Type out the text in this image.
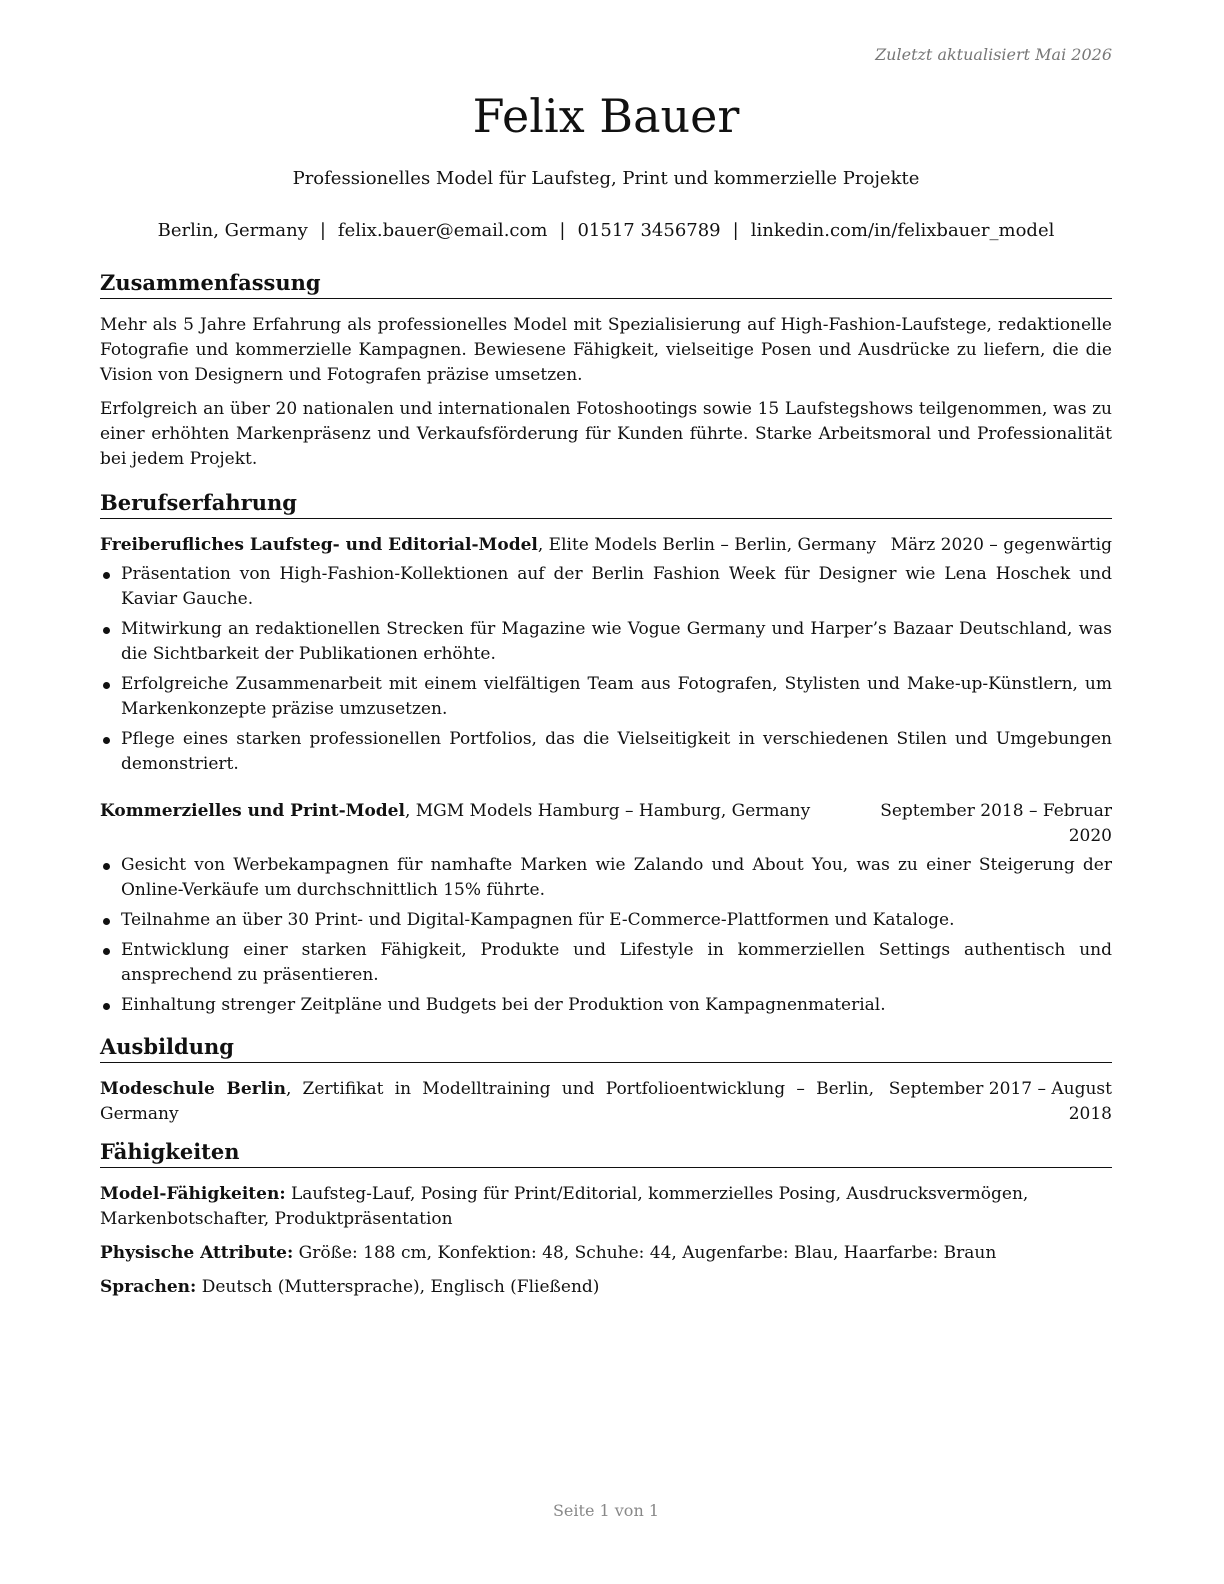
Zuletzt aktualisiert Mai 2026
Felix Bauer
Professionelles Model für Laufsteg, Print und kommerzielle Projekte
Berlin, Germany | felix.bauer@email.com | 01517 3456789 | linkedin.com/in/felixbauer_model
Zusammenfassung

Mehr als 5 Jahre Erfahrung als professionelles Model mit Spezialisierung auf High-Fashion-Laufstege, redaktionelle Fotografie und kommerzielle Kampagnen. Bewiesene Fähigkeit, vielseitige Posen und Ausdrücke zu liefern, die die Vision von Designern und Fotografen präzise umsetzen.

Erfolgreich an über 20 nationalen und internationalen Fotoshootings sowie 15 Laufstegshows teilgenommen, was zu einer erhöhten Markenpräsenz und Verkaufsförderung für Kunden führte. Starke Arbeitsmoral und Professionalität bei jedem Projekt.

Berufserfahrung
Freiberufliches Laufsteg- und Editorial-Model, Elite Models Berlin – Berlin, Germany März 2020 – gegenwärtig
Präsentation von High-Fashion-Kollektionen auf der Berlin Fashion Week für Designer wie Lena Hoschek und Kaviar Gauche.
Mitwirkung an redaktionellen Strecken für Magazine wie Vogue Germany und Harper’s Bazaar Deutschland, was die Sichtbarkeit der Publikationen erhöhte.
Erfolgreiche Zusammenarbeit mit einem vielfältigen Team aus Fotografen, Stylisten und Make-up-Künstlern, um Markenkonzepte präzise umzusetzen.
Pflege eines starken professionellen Portfolios, das die Vielseitigkeit in verschiedenen Stilen und Umgebungen demonstriert.
Kommerzielles und Print-Model, MGM Models Hamburg – Hamburg, Germany	September 2018 – Februar 2020
Gesicht von Werbekampagnen für namhafte Marken wie Zalando und About You, was zu einer Steigerung der Online-Verkäufe um durchschnittlich 15% führte.
Teilnahme an über 30 Print- und Digital-Kampagnen für E-Commerce-Plattformen und Kataloge.
Entwicklung einer starken Fähigkeit, Produkte und Lifestyle in kommerziellen Settings authentisch und ansprechend zu präsentieren.
Einhaltung strenger Zeitpläne und Budgets bei der Produktion von Kampagnenmaterial.
Ausbildung
Modeschule Berlin, Zertifikat in Modelltraining und Portfolioentwicklung – Berlin, Germany
September 2017 – August 2018
Fähigkeiten
Model-Fähigkeiten: Laufsteg-Lauf, Posing für Print/Editorial, kommerzielles Posing, Ausdrucksvermögen, Markenbotschafter, Produktpräsentation
Physische Attribute: Größe: 188 cm, Konfektion: 48, Schuhe: 44, Augenfarbe: Blau, Haarfarbe: Braun
Sprachen: Deutsch (Muttersprache), Englisch (Fließend)
Seite 1 von 1
